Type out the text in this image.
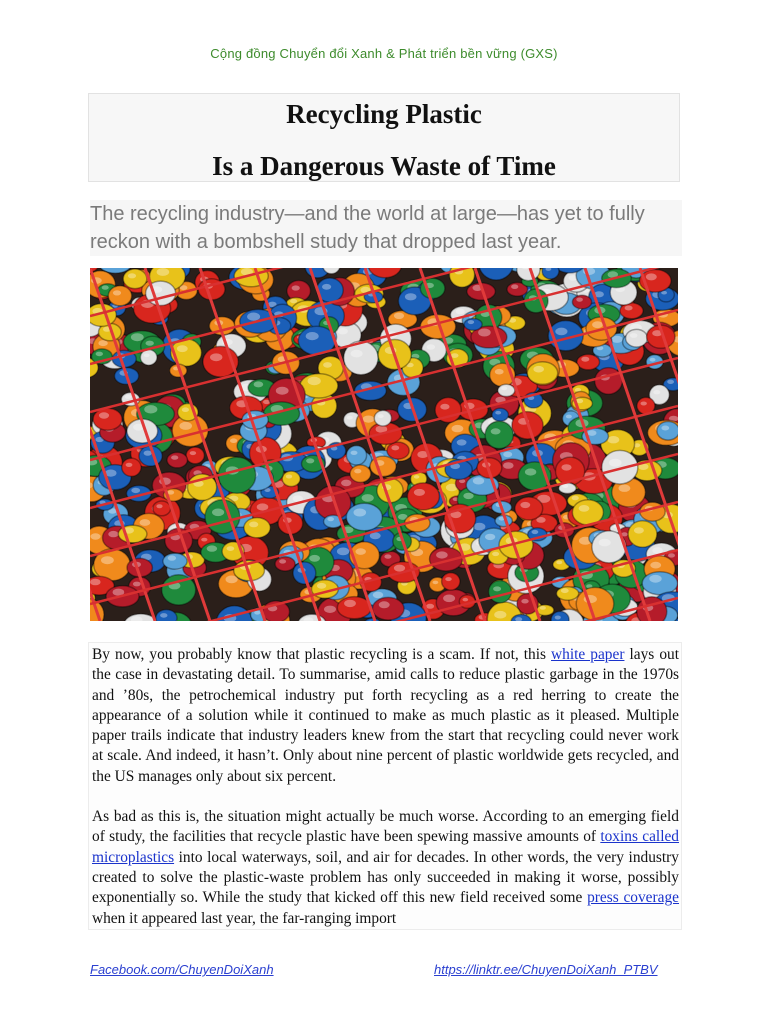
Cộng đồng Chuyển đổi Xanh & Phát triển bền vững (GXS)
Recycling Plastic
Is a Dangerous Waste of Time
The recycling industry—and the world at large—has yet to fully reckon with a bombshell study that dropped last year.

By now, you probably know that plastic recycling is a scam. If not, this white paper lays out the case in devastating detail. To summarise, amid calls to reduce plastic garbage in the 1970s and ’80s, the petrochemical industry put forth recycling as a red herring to create the appearance of a solution while it continued to make as much plastic as it pleased. Multiple paper trails indicate that industry leaders knew from the start that recycling could never work at scale. And indeed, it hasn’t. Only about nine percent of plastic worldwide gets recycled, and the US manages only about six percent.

As bad as this is, the situation might actually be much worse. According to an emerging field of study, the facilities that recycle plastic have been spewing massive amounts of toxins called microplastics into local waterways, soil, and air for decades. In other words, the very industry created to solve the plastic-waste problem has only succeeded in making it worse, possibly exponentially so. While the study that kicked off this new field received some press coverage when it appeared last year, the far-ranging import

Facebook.com/ChuyenDoiXanh	https://linktr.ee/ChuyenDoiXanh_PTBV
